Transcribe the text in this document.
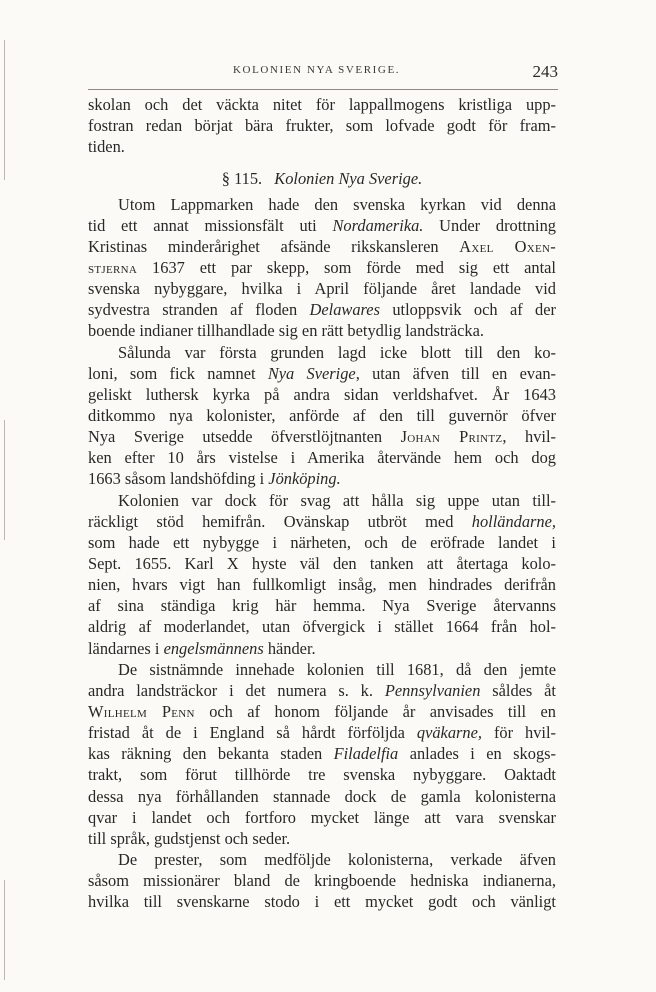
KOLONIEN NYA SVERIGE.	243
skolan och det väckta nitet för lappallmogens kristliga upp-
fostran redan börjat bära frukter, som lofvade godt för fram-
tiden.
§ 115. Kolonien Nya Sverige.
Utom Lappmarken hade den svenska kyrkan vid denna
tid ett annat missionsfält uti Nordamerika. Under drottning
Kristinas minderårighet afsände rikskansleren Axel Oxen-
stjerna 1637 ett par skepp, som förde med sig ett antal
svenska nybyggare, hvilka i April följande året landade vid
sydvestra stranden af floden Delawares utloppsvik och af der
boende indianer tillhandlade sig en rätt betydlig landsträcka.
Sålunda var första grunden lagd icke blott till den ko-
loni, som fick namnet Nya Sverige, utan äfven till en evan-
geliskt luthersk kyrka på andra sidan verldshafvet. År 1643
ditkommo nya kolonister, anförde af den till guvernör öfver
Nya Sverige utsedde öfverstlöjtnanten Johan Printz, hvil-
ken efter 10 års vistelse i Amerika återvände hem och dog
1663 såsom landshöfding i Jönköping.
Kolonien var dock för svag att hålla sig uppe utan till-
räckligt stöd hemifrån. Ovänskap utbröt med holländarne,
som hade ett nybygge i närheten, och de eröfrade landet i
Sept. 1655. Karl X hyste väl den tanken att återtaga kolo-
nien, hvars vigt han fullkomligt insåg, men hindrades derifrån
af sina ständiga krig här hemma. Nya Sverige återvanns
aldrig af moderlandet, utan öfvergick i stället 1664 från hol-
ländarnes i engelsmännens händer.
De sistnämnde innehade kolonien till 1681, då den jemte
andra landsträckor i det numera s. k. Pennsylvanien såldes åt
Wilhelm Penn och af honom följande år anvisades till en
fristad åt de i England så hårdt förföljda qväkarne, för hvil-
kas räkning den bekanta staden Filadelfia anlades i en skogs-
trakt, som förut tillhörde tre svenska nybyggare. Oaktadt
dessa nya förhållanden stannade dock de gamla kolonisterna
qvar i landet och fortforo mycket länge att vara svenskar
till språk, gudstjenst och seder.
De prester, som medföljde kolonisterna, verkade äfven
såsom missionärer bland de kringboende hedniska indianerna,
hvilka till svenskarne stodo i ett mycket godt och vänligt
